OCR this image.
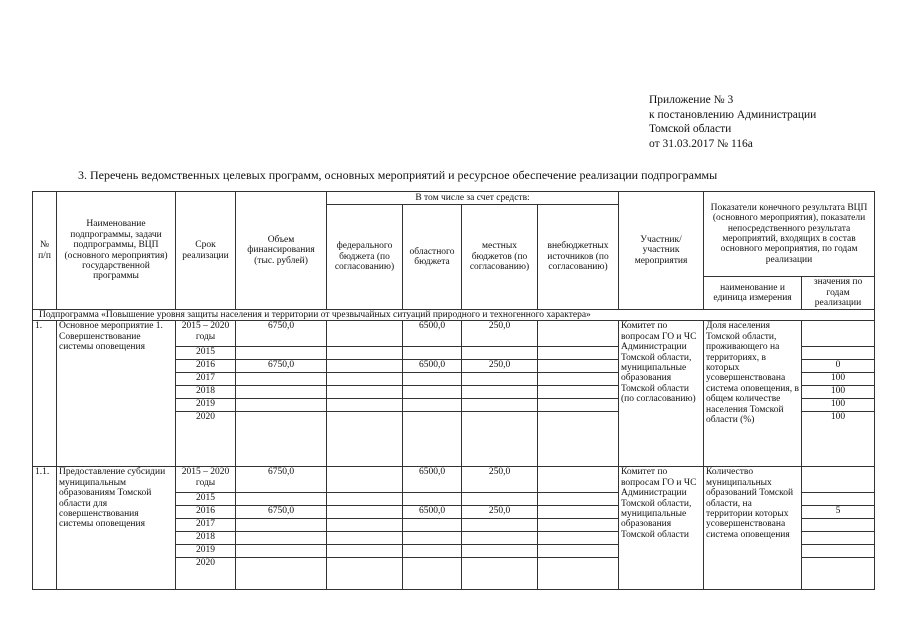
Приложение № 3
к постановлению Администрации
Томской области
от 31.03.2017 № 116а
3. Перечень ведомственных целевых программ, основных мероприятий и ресурсное обеспечение реализации подпрограммы
№ п/п	Наименование подпрограммы, задачи подпрограммы, ВЦП (основного мероприятия) государственной программы	Срок реализации	Объем финансирования (тыс. рублей)	В том числе за счет средств:				Участник/ участник мероприятия	Показатели конечного результата ВЦП (основного мероприятия), показатели непосредственного результата мероприятий, входящих в состав основного мероприятия, по годам реализации	
				федерального бюджета (по согласованию)	областного бюджета	местных бюджетов (по согласованию)	внебюджетных источников (по согласованию)			
									наименование и единица измерения	значения по годам реализации
Подпрограмма «Повышение уровня защиты населения и территории от чрезвычайных ситуаций природного и техногенного характера»										
1.	Основное мероприятие 1. Совершенствование системы оповещения	2015 – 2020 годы	6750,0		6500,0	250,0		Комитет по вопросам ГО и ЧС Администрации Томской области, муниципальные образования Томской области (по согласованию)	Доля населения Томской области, проживающего на территориях, в которых усовершенствована система оповещения, в общем количестве населения Томской области (%)	
		2015								
		2016	6750,0		6500,0	250,0				0
		2017								100
		2018								100
		2019								100
		2020								100
1.1.	Предоставление субсидии муниципальным образованиям Томской области для совершенствования системы оповещения	2015 – 2020 годы	6750,0		6500,0	250,0		Комитет по вопросам ГО и ЧС Администрации Томской области, муниципальные образования Томской области	Количество муниципальных образований Томской области, на территории которых усовершенствована система оповещения	
		2015								
		2016	6750,0		6500,0	250,0				5
		2017								
		2018								
		2019								
		2020								
